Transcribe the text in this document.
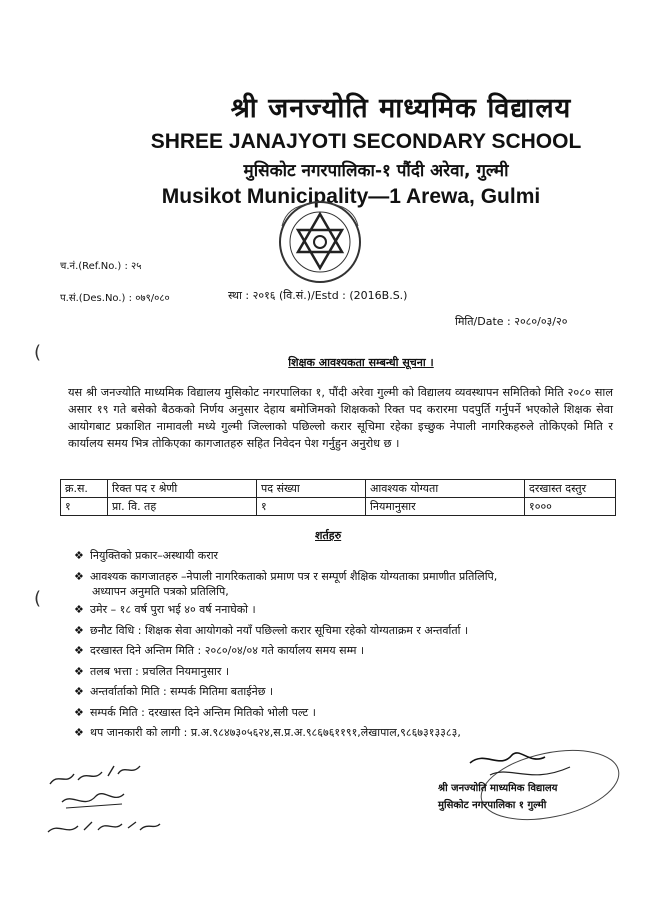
श्री जनज्योति माध्यमिक विद्यालय
SHREE JANAJYOTI SECONDARY SCHOOL
मुसिकोट नगरपालिका-१ पौंदी अरेवा, गुल्मी
Musikot Municipality—1 Arewa, Gulmi
च.नं.(Ref.No.) : २५
प.सं.(Des.No.) : ०७९/०८०	स्था : २०१६ (वि.सं.)/Estd : (2016B.S.)
मिति/Date : २०८०/०३/२०
(
(
शिक्षक आवश्यकता सम्बन्धी सूचना ।
यस श्री जनज्योति माध्यमिक विद्यालय मुसिकोट नगरपालिका १, पौंदी अरेवा गुल्मी को विद्यालय व्यवस्थापन समितिको मिति २०८० साल असार १९ गते बसेको बैठकको निर्णय अनुसार देहाय बमोजिमको शिक्षकको रिक्त पद करारमा पदपुर्ति गर्नुपर्ने भएकोले शिक्षक सेवा आयोगबाट प्रकाशित नामावली मध्ये गुल्मी जिल्लाको पछिल्लो करार सूचिमा रहेका इच्छुक नेपाली नागरिकहरुले तोकिएको मिति र कार्यालय समय भित्र तोकिएका कागजातहरु सहित निवेदन पेश गर्नुहुन अनुरोध छ ।
क्र.स.	रिक्त पद र श्रेणी	पद संख्या	आवश्यक योग्यता	दरखास्त दस्तुर
१	प्रा. वि. तह	१	नियमानुसार	१०००
शर्तहरु
❖ नियुक्तिको प्रकार–अस्थायी करार
❖ आवश्यक कागजातहरु –नेपाली नागरिकताको प्रमाण पत्र र सम्पूर्ण शैक्षिक योग्यताका प्रमाणीत प्रतिलिपि,
अध्यापन अनुमति पत्रको प्रतिलिपि,
❖ उमेर – १८ वर्ष पुरा भई ४० वर्ष ननाघेको ।
❖ छनौट विधि : शिक्षक सेवा आयोगको नयाँ पछिल्लो करार सूचिमा रहेको योग्यताक्रम र अन्तर्वार्ता ।
❖ दरखास्त दिने अन्तिम मिति : २०८०/०४/०४ गते कार्यालय समय सम्म ।
❖ तलब भत्ता : प्रचलित नियमानुसार ।
❖ अन्तर्वार्ताको मिति : सम्पर्क मितिमा बताईनेछ ।
❖ सम्पर्क मिति : दरखास्त दिने अन्तिम मितिको भोली पल्ट ।
❖ थप जानकारी को लागी : प्र.अ.९८४७३०५६२४,स.प्र.अ.९८६७६११९१,लेखापाल,९८६७३१३३८३,
श्री जनज्योति माध्यमिक विद्यालय
मुसिकोट नगरपालिका १ गुल्मी
